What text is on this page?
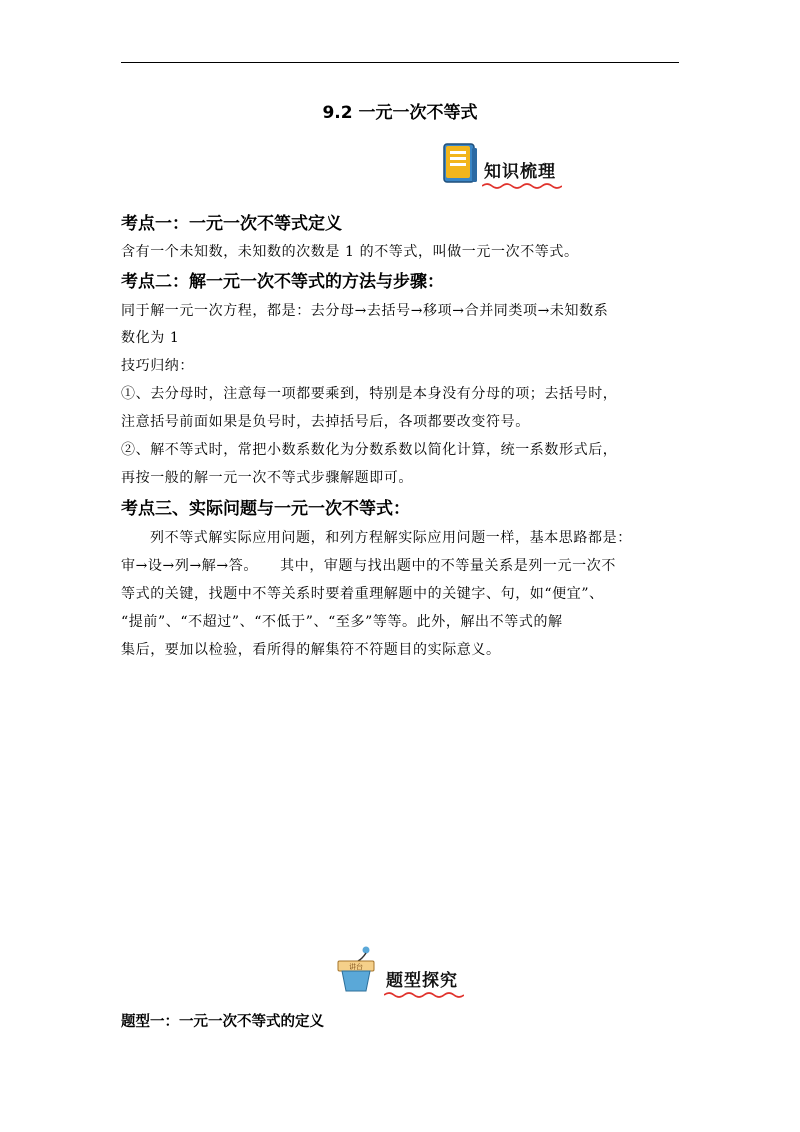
9.2 一元一次不等式
知识梳理
考点一：一元一次不等式定义
含有一个未知数，未知数的次数是 1 的不等式，叫做一元一次不等式。
考点二：解一元一次不等式的方法与步骤：
同于解一元一次方程，都是：去分母→去括号→移项→合并同类项→未知数系
数化为 1
技巧归纳：
①、去分母时，注意每一项都要乘到，特别是本身没有分母的项；去括号时，
注意括号前面如果是负号时，去掉括号后，各项都要改变符号。
②、解不等式时，常把小数系数化为分数系数以简化计算，统一系数形式后，
再按一般的解一元一次不等式步骤解题即可。
考点三、实际问题与一元一次不等式：
列不等式解实际应用问题，和列方程解实际应用问题一样，基本思路都是：
审→设→列→解→答。　　其中，审题与找出题中的不等量关系是列一元一次不
等式的关键，找题中不等关系时要着重理解题中的关键字、句，如“便宜”、
“提前”、“不超过”、“不低于”、“至多”等等。此外，解出不等式的解
集后，要加以检验，看所得的解集符不符题目的实际意义。
讲台
题型探究
题型一：一元一次不等式的定义
